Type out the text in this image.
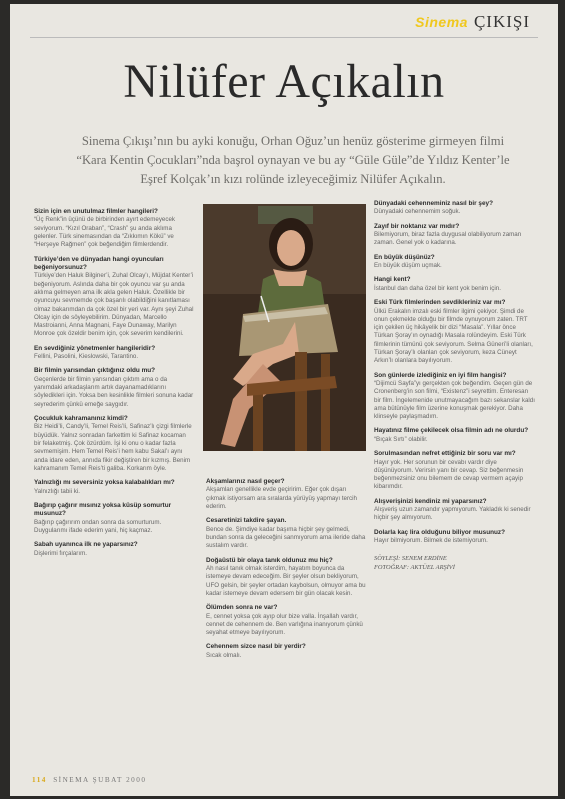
Sinema ÇIKIŞI
Nilüfer Açıkalın
Sinema Çıkışı’nın bu ayki konuğu, Orhan Oğuz’un henüz gösterime girmeyen filmi “Kara Kentin Çocukları”nda başrol oynayan ve bu ay “Güle Güle”de Yıldız Kenter’le Eşref Kolçak’ın kızı rolünde izleyeceğimiz Nilüfer Açıkalın.
Sizin için en unutulmaz filmler hangileri?
“Üç Renk”in üçünü de birbirinden ayırt edemeyecek seviyorum. “Kızıl Oraban”, “Crash” şu anda aklıma gelenler. Türk sinemasından da “Zıkkımın Kökü” ve “Herşeye Rağmen” çok beğendiğim filmlerdendir.
Türkiye’den ve dünyadan hangi oyuncuları beğeniyorsunuz?
Türkiye’den Haluk Bilginer’i, Zuhal Olcay’ı, Müjdat Kenter’i beğeniyorum. Aslında daha bir çok oyuncu var şu anda aklıma gelmeyen ama ilk akla gelen Haluk. Özellikle bir oyuncuyu sevmemde çok başarılı olabildiğini kanıtlaması olmaz bakarımdan da çok özel bir yeri var. Aynı şeyi Zuhal Olcay için de söyleyebilirim. Dünyadan, Marcello Mastroianni, Anna Magnani, Faye Dunaway, Marilyn Monroe çok özeldir benim için, çok severim kendilerini.
En sevdiğiniz yönetmenler hangileridir?
Fellini, Pasolini, Kieslowski, Tarantino.
Bir filmin yarısından çıktığınız oldu mu?
Geçenlerde bir filmin yarısından çıktım ama o da yanımdaki arkadaşlarım artık dayanamadıklarını söyledikleri için. Yoksa ben kesinlikle filmleri sonuna kadar seyrederim çünkü emeğe saygıdır.
Çocukluk kahramanınız kimdi?
Biz Heidi’li, Candy’li, Temel Reis’li, Safinaz’lı çizgi filmlerle büyüdük. Yalnız sonradan farkettim ki Safinaz kocaman bir felaketmiş. Çok özürdüm. İşi ki onu o kadar fazla sevmemişim. Hem Temel Reis’i hem kabu Sakal’ı aynı anda idare eden, annıda fikir değiştiren bir kızmış. Benim kahramanım Temel Reis’ti galiba. Korkarım öyle.
Yalnızlığı mı seversiniz yoksa kalabalıkları mı?
Yalnızlığı tabii ki.
Bağırıp çağırır mısınız yoksa küsüp somurtur musunuz?
Bağırıp çağırırım ondan sonra da somurturum. Duygularımı ifade ederim yani, hiç kaçmaz.
Sabah uyanınca ilk ne yaparsınız?
Dişlerimi fırçalarım.
Akşamlarınız nasıl geçer?
Akşamları genellikle evde geçiririm. Eğer çok dışarı çıkmak istiyorsam ara sıralarda yürüyüş yapmayı tercih ederim.
Cesaretinizi takdire şayan.
Bence de. Şimdiye kadar başıma hiçbir şey gelmedi, bundan sonra da geleceğini sanmıyorum ama ileride daha sustalım vardır.
Doğaüstü bir olaya tanık oldunuz mu hiç?
Ah nasıl tanık olmak isterdim, hayatım boyunca da istemeye devam edeceğim. Bir şeyler olsun bekliyorum, UFO gelsin, bir şeyler ortadan kaybolsun, olmuyor ama bu kadar istemeye devam edersem bir gün olacak kesin.
Ölümden sonra ne var?
E, cennet yoksa çok ayıp olur bize valla. İnşallah vardır, cennet de cehennem de. Ben varlığına inanıyorum çünkü seyahat etmeye bayılıyorum.
Cehennem sizce nasıl bir yerdir?
Sıcak olmalı.
Dünyadaki cehenneminiz nasıl bir şey?
Dünyadaki cehennemim soğuk.
Zayıf bir noktanız var mıdır?
Bilemiyorum, biraz fazla duygusal olabiliyorum zaman zaman. Genel yok o kadarına.
En büyük düşünüz?
En büyük düşüm uçmak.
Hangi kent?
İstanbul dan daha özel bir kent yok benim için.
Eski Türk filmlerinden sevdikleriniz var mı?
Ülkü Erakalın imzalı eski filmler ilgimi çekiyor. Şimdi de onun çekmekte olduğu bir filmde oynuyorum zaten. TRT için çekilen üç hikâyelik bir dizi “Masala”. Yıllar önce Türkan Şoray’ın oynadığı Masala rolündeyim. Eski Türk filmlerinin tümünü çok seviyorum. Selma Güneri’li olanları, Türkan Şoray’lı olanları çok seviyorum, keza Cüneyt Arkın’lı olanlara bayılıyorum.
Son günlerde izlediğiniz en iyi film hangisi?
“Dijimcü Sayfa”yı gerçekten çok beğendim. Geçen gün de Cronenberg’in son filmi, “Existenz”i seyrettim. Enteresan bir film. İngelemenide unutmayacağım bazı sekanslar kaldı ama bütünüyle film üzerine konuşmak gerekiyor. Daha klinseyle paylaşmadım.
Hayatınız filme çekilecek olsa filmin adı ne olurdu?
“Bıçak Sırtı” olabilir.
Sorulmasından nefret ettiğiniz bir soru var mı?
Hayır yok. Her sorunun bir cevabı vardır diye düşünüyorum. Verirsin yanı bir cevap. Siz beğenmesin beğenmezsiniz onu bilemem de cevap vermem açayip kibarımdır.
Alışverişinizi kendiniz mi yaparsınız?
Alışveriş uzun zamandır yapmıyorum. Yakladık ki senedir hiçbir şey almıyorum.
Dolarla kaç lira olduğunu biliyor musunuz?
Hayır bilmiyorum. Bilmek de istemiyorum.
SÖYLEŞİ: SENEM ERDİNE
FOTOĞRAF: AKTÜEL ARŞİVİ
114 SİNEMA ŞUBAT 2000
